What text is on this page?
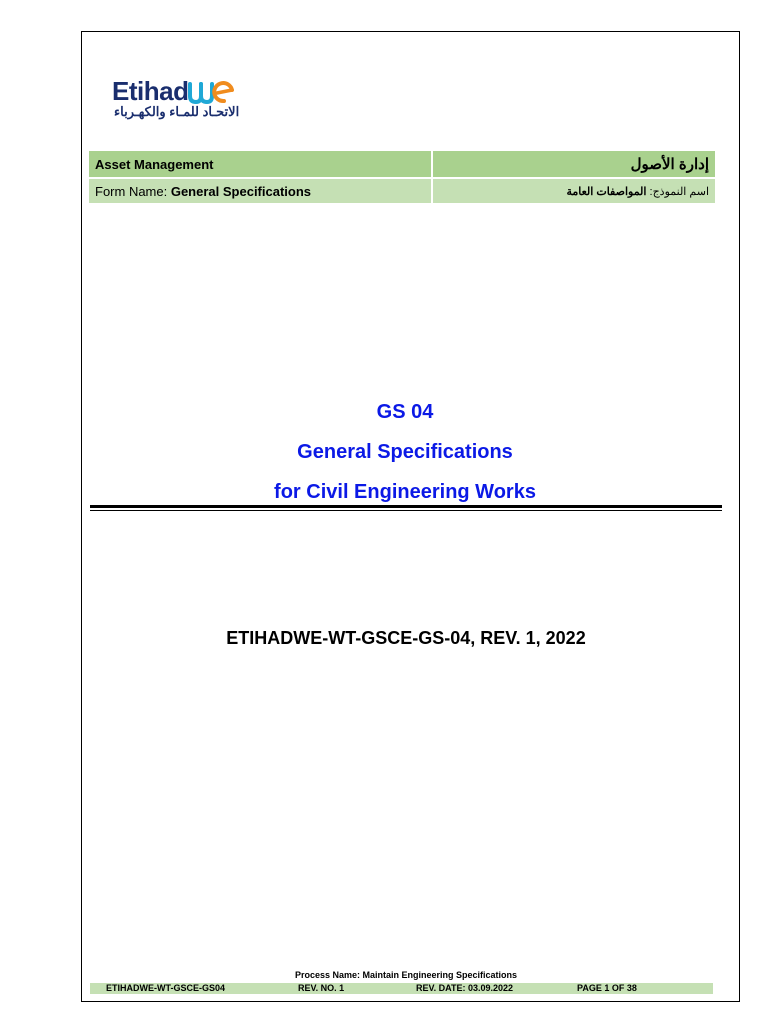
Etihad
الاتحـاد للمـاء والكهـرباء
Asset Management	إدارة الأصول
Form Name: General Specifications	اسم النموذج: المواصفات العامة
GS 04
General Specifications
for Civil Engineering Works
ETIHADWE-WT-GSCE-GS-04, REV. 1, 2022
Process Name: Maintain Engineering Specifications
ETIHADWE-WT-GSCE-GS04	REV. NO. 1	REV. DATE: 03.09.2022	PAGE 1 OF 38
